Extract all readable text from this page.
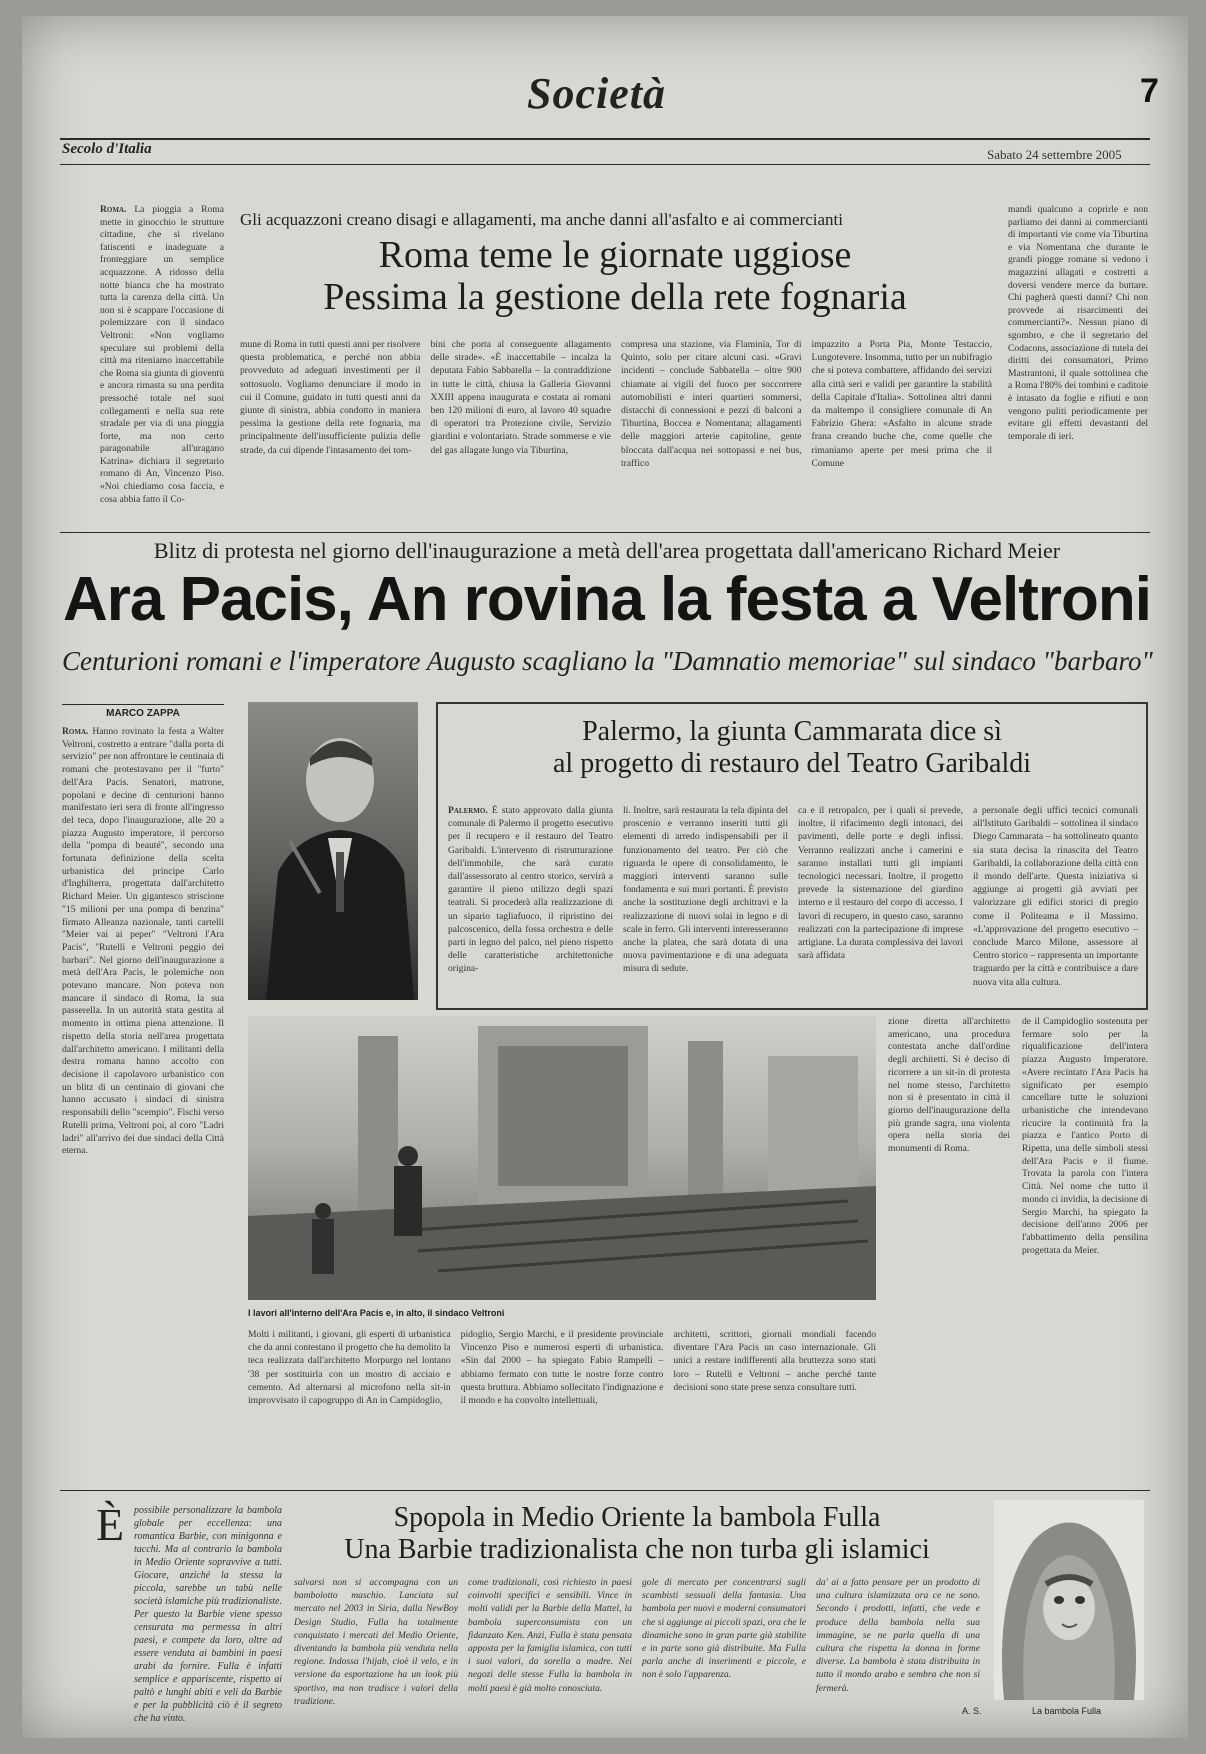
Società	7
Secolo d'Italia	Sabato 24 settembre 2005
Roma. La pioggia a Roma mette in ginocchio le strutture cittadine, che si rivelano fatiscenti e inadeguate a fronteggiare un semplice acquazzone. A ridosso della notte bianca che ha mostrato tutta la carenza della città. Un non si è scappare l'occasione di polemizzare con il sindaco Veltroni: «Non vogliamo speculare sui problemi della città ma riteniamo inaccettabile che Roma sia giunta di gioventù e ancora rimasta su una perdita pressoché totale nel suoi collegamenti e nella sua rete stradale per via di una pioggia forte, ma non certo paragonabile all'uragano Katrina» dichiara il segretario romano di An, Vincenzo Piso. «Noi chiediamo cosa faccia, e cosa abbia fatto il Co-
Gli acquazzoni creano disagi e allagamenti, ma anche danni all'asfalto e ai commercianti
Roma teme le giornate uggiose
Pessima la gestione della rete fognaria
mune di Roma in tutti questi anni per risolvere questa problematica, e perché non abbia provveduto ad adeguati investimenti per il sottosuolo. Vogliamo denunciare il modo in cui il Comune, guidato in tutti questi anni da giunte di sinistra, abbia condotto in maniera pessima la gestione della rete fognaria, ma principalmente dell'insufficiente pulizia delle strade, da cui dipende l'intasamento dei tom-
bini che porta al conseguente allagamento delle strade». «È inaccettabile – incalza la deputata Fabio Sabbatella – la contraddizione in tutte le città, chiusa la Galleria Giovanni XXIII appena inaugurata e costata ai romani ben 120 milioni di euro, al lavoro 40 squadre di operatori tra Protezione civile, Servizio giardini e volontariato. Strade sommerse e vie del gas allagate lungo via Tiburtina,
compresa una stazione, via Flaminia, Tor di Quinto, solo per citare alcuni casi. «Gravi incidenti – conclude Sabbatella – oltre 900 chiamate ai vigili del fuoco per soccorrere automobilisti e interi quartieri sommersi, distacchi di connessioni e pezzi di balconi a Tiburtina, Boccea e Nomentana; allagamenti delle maggiori arterie capitoline, gente bloccata dall'acqua nei sottopassi e nei bus, traffico
impazzito a Porta Pia, Monte Testaccio, Lungotevere. Insomma, tutto per un nubifragio che si poteva combattere, affidando dei servizi alla città seri e validi per garantire la stabilità della Capitale d'Italia». Sottolinea altri danni da maltempo il consigliere comunale di An Fabrizio Ghera: «Asfalto in alcune strade frana creando buche che, come quelle che rimaniamo aperte per mesi prima che il Comune
mandi qualcuno a coprirle e non parliamo dei danni ai commercianti di importanti vie come via Tiburtina e via Nomentana che durante le grandi piogge romane si vedono i magazzini allagati e costretti a doversi vendere merce da buttare. Chi pagherà questi danni? Chi non provvede ai risarcimenti dei commercianti?». Nessun piano di sgombro, e che il segretario del Codacons, associazione di tutela dei diritti dei consumatori, Primo Mastrantoni, il quale sottolinea che a Roma l'80% dei tombini e caditoie è intasato da foglie e rifiuti e non vengono puliti periodicamente per evitare gli effetti devastanti del temporale di ieri.
Blitz di protesta nel giorno dell'inaugurazione a metà dell'area progettata dall'americano Richard Meier
Ara Pacis, An rovina la festa a Veltroni
Centurioni romani e l'imperatore Augusto scagliano la "Damnatio memoriae" sul sindaco "barbaro"
MARCO ZAPPA
Roma. Hanno rovinato la festa a Walter Veltroni, costretto a entrare "dalla porta di servizio" per non affrontare le centinaia di romani che protestavano per il "furto" dell'Ara Pacis. Senatori, matrone, popolani e decine di centurioni hanno manifestato ieri sera di fronte all'ingresso del teca, dopo l'inaugurazione, alle 20 a piazza Augusto imperatore, il percorso della "pompa di beauté", secondo una fortunata definizione della scelta urbanistica del principe Carlo d'Inghilterra, progettata dall'architetto Richard Meier. Un gigantesco striscione "15 milioni per una pompa di benzina" firmato Alleanza nazionale, tanti cartelli "Meier vai ai peper" "Veltroni l'Ara Pacis", "Rutelli e Veltroni peggio dei barbari". Nel giorno dell'inaugurazione a metà dell'Ara Pacis, le polemiche non potevano mancare. Non poteva non mancare il sindaco di Roma, la sua passerella. In un autorità stata gestita al momento in ottima piena attenzione. Il rispetto della storia nell'area progettata dall'architetto americano. I militanti della destra romana hanno accolto con decisione il capolavoro urbanistico con un blitz di un centinaio di giovani che hanno accusato i sindaci di sinistra responsabili dello "scempio". Fischi verso Rutelli prima, Veltroni poi, al coro "Ladri ladri" all'arrivo dei due sindaci della Città eterna.
Palermo, la giunta Cammarata dice sì
al progetto di restauro del Teatro Garibaldi
Palermo. È stato approvato dalla giunta comunale di Palermo il progetto esecutivo per il recupero e il restauro del Teatro Garibaldi. L'intervento di ristrutturazione dell'immobile, che sarà curato dall'assessorato al centro storico, servirà a garantire il pieno utilizzo degli spazi teatrali. Si procederà alla realizzazione di un sipario tagliafuoco, il ripristino dei palcoscenico, della fossa orchestra e delle parti in legno del palco, nel pieno rispetto delle caratteristiche architettoniche origina-
li. Inoltre, sarà restaurata la tela dipinta del proscenio e verranno inseriti tutti gli elementi di arredo indispensabili per il funzionamento del teatro. Per ciò che riguarda le opere di consolidamento, le maggiori interventi saranno sulle fondamenta e sui muri portanti. È previsto anche la sostituzione degli architravi e la realizzazione di nuovi solai in legno e di scale in ferro. Gli interventi interesseranno anche la platea, che sarà dotata di una nuova pavimentazione e di una adeguata misura di sedute.
ca e il retropalco, per i quali si prevede, inoltre, il rifacimento degli intonaci, dei pavimenti, delle porte e degli infissi. Verranno realizzati anche i camerini e saranno installati tutti gli impianti tecnologici necessari. Inoltre, il progetto prevede la sistemazione del giardino interno e il restauro del corpo di accesso. I lavori di recupero, in questo caso, saranno realizzati con la partecipazione di imprese artigiane. La durata complessiva dei lavori sarà affidata
a personale degli uffici tecnici comunali all'Istituto Garibaldi – sottolinea il sindaco Diego Cammarata – ha sottolineato quanto sia stata decisa la rinascita del Teatro Garibaldi, la collaborazione della città con il mondo dell'arte. Questa iniziativa si aggiunge ai progetti già avviati per valorizzare gli edifici storici di pregio come il Politeama e il Massimo. «L'approvazione del progetto esecutivo – conclude Marco Milone, assessore al Centro storico – rappresenta un importante traguardo per la città e contribuisce a dare nuova vita alla cultura.
I lavori all'interno dell'Ara Pacis e, in alto, il sindaco Veltroni
Molti i militanti, i giovani, gli esperti di urbanistica che da anni contestano il progetto che ha demolito la teca realizzata dall'architetto Morpurgo nel lontano '38 per sostituirla con un mostro di acciaio e cemento. Ad alternarsi al microfono nella sit-in improvvisato il capogruppo di An in Campidoglio,
pidoglio, Sergio Marchi, e il presidente provinciale Vincenzo Piso e numerosi esperti di urbanistica. «Sin dal 2000 – ha spiegato Fabio Rampelli – abbiamo fermato con tutte le nostre forze contro questa bruttura. Abbiamo sollecitato l'indignazione e il mondo e ha convolto intellettuali,
architetti, scrittori, giornali mondiali facendo diventare l'Ara Pacis un caso internazionale. Gli unici a restare indifferenti alla bruttezza sono stati loro – Rutelli e Veltroni – anche perché tante decisioni sono state prese senza consultare tutti.
zione diretta all'architetto americano, una procedura contestata anche dall'ordine degli architetti. Si è deciso di ricorrere a un sit-in di protesta nel nome stesso, l'architetto non si è presentato in città il giorno dell'inaugurazione della più grande sagra, una violenta opera nella storia dei monumenti di Roma.
de il Campidoglio sostenuta per fermare solo per la riqualificazione dell'intera piazza Augusto Imperatore. «Avere recintato l'Ara Pacis ha significato per esempio cancellare tutte le soluzioni urbanistiche che intendevano ricucire la continuità fra la piazza e l'antico Porto di Ripetta, una delle simboli stessi dell'Ara Pacis e il fiume. Trovata la parola con l'intera Città. Nel nome che tutto il mondo ci invidia, la decisione di Sergio Marchi, ha spiegato la decisione dell'anno 2006 per l'abbattimento della pensilina progettata da Meier.
È possibile personalizzare la bambola globale per eccellenza: una romantica Barbie, con minigonna e tacchi. Ma al contrario la bambola in Medio Oriente sopravvive a tutti. Giocare, anziché la stessa la piccola, sarebbe un tabù nelle società islamiche più tradizionaliste. Per questo la Barbie viene spesso censurata ma permessa in altri paesi, e compete da loro, oltre ad essere venduta ai bambini in paesi arabi da fornire. Fulla è infatti semplice e appariscente, rispetto ai paltò e lunghi abiti e veli da Barbie e per la pubblicità ciò è il segreto che ha vinto.
Spopola in Medio Oriente la bambola Fulla
Una Barbie tradizionalista che non turba gli islamici
salvarsi non si accompagna con un bambolotto maschio. Lanciata sul mercato nel 2003 in Siria, dalla NewBoy Design Studio, Fulla ha totalmente conquistato i mercati del Medio Oriente, diventando la bambola più venduta nella regione. Indossa l'hijab, cioè il velo, e in versione da esportazione ha un look più sportivo, ma non tradisce i valori della tradizione.
come tradizionali, così richiesto in paesi coinvolti specifici e sensibili. Vince in molti validi per la Barbie della Mattel, la bambola superconsumista con un fidanzato Ken. Anzi, Fulla è stata pensata apposta per la famiglia islamica, con tutti i suoi valori, da sorella a madre. Nei negozi delle stesse Fulla la bambola in molti paesi è già molto conosciuta.
gole di mercato per concentrarsi sugli scambisti sessuali della fantasia. Una bambola per nuovi e moderni consumatori che si aggiunge ai piccoli spazi, ora che le dinamiche sono in gran parte già stabilite e in parte sono già distribuite. Ma Fulla parla anche di inserimenti e piccole, e non è solo l'apparenza.
da' ai a fatto pensare per un prodotto di una cultura islamizzata ora ce ne sono. Secondo i prodotti, infatti, che vede e produce della bambola nella sua immagine, se ne parla quella di una cultura che rispetta la donna in forme diverse. La bambola è stata distribuita in tutto il mondo arabo e sembra che non si fermerà.
A. S.	La bambola Fulla
